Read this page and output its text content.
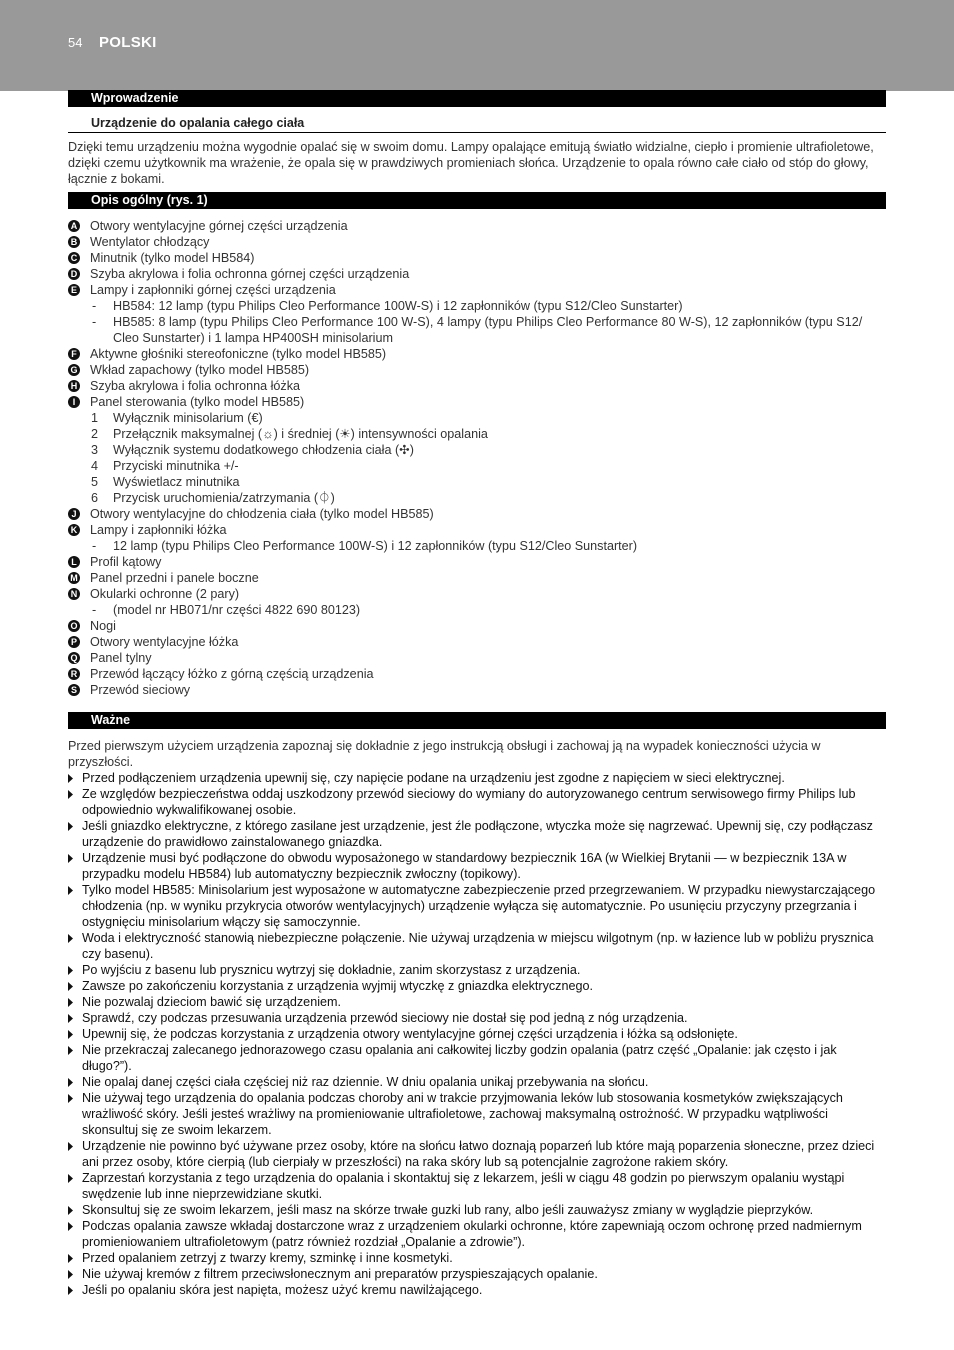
54 POLSKI
Wprowadzenie
Urządzenie do opalania całego ciała

Dzięki temu urządzeniu można wygodnie opalać się w swoim domu. Lampy opalające emitują światło widzialne, ciepło i promienie ultrafioletowe, dzięki czemu użytkownik ma wrażenie, że opala się w prawdziwych promieniach słońca. Urządzenie to opala równo całe ciało od stóp do głowy, łącznie z bokami.

Opis ogólny (rys. 1)
A Otwory wentylacyjne górnej części urządzenia
B Wentylator chłodzący
C Minutnik (tylko model HB584)
D Szyba akrylowa i folia ochronna górnej części urządzenia
E Lampy i zapłonniki górnej części urządzenia
- HB584: 12 lamp (typu Philips Cleo Performance 100W-S) i 12 zapłonników (typu S12/Cleo Sunstarter)
- HB585: 8 lamp (typu Philips Cleo Performance 100 W-S), 4 lampy (typu Philips Cleo Performance 80 W-S), 12 zapłonników (typu S12/ Cleo Sunstarter) i 1 lampa HP400SH minisolarium
F Aktywne głośniki stereofoniczne (tylko model HB585)
G Wkład zapachowy (tylko model HB585)
H Szyba akrylowa i folia ochronna łóżka
I	Panel sterowania (tylko model HB585)
1 Wyłącznik minisolarium (€)
2 Przełącznik maksymalnej (☼) i średniej (☀) intensywności opalania
3 Wyłącznik systemu dodatkowego chłodzenia ciała (✣)
4 Przyciski minutnika +/-
5 Wyświetlacz minutnika
6 Przycisk uruchomienia/zatrzymania (⏀)
J Otwory wentylacyjne do chłodzenia ciała (tylko model HB585)
K Lampy i zapłonniki łóżka
- 12 lamp (typu Philips Cleo Performance 100W-S) i 12 zapłonników (typu S12/Cleo Sunstarter)
L Profil kątowy
M Panel przedni i panele boczne
N Okularki ochronne (2 pary)
- (model nr HB071/nr części 4822 690 80123)
O Nogi
P Otwory wentylacyjne łóżka
Q Panel tylny
R Przewód łączący łóżko z górną częścią urządzenia
S Przewód sieciowy
Ważne

Przed pierwszym użyciem urządzenia zapoznaj się dokładnie z jego instrukcją obsługi i zachowaj ją na wypadek konieczności użycia w przyszłości.

Przed podłączeniem urządzenia upewnij się, czy napięcie podane na urządzeniu jest zgodne z napięciem w sieci elektrycznej.
Ze względów bezpieczeństwa oddaj uszkodzony przewód sieciowy do wymiany do autoryzowanego centrum serwisowego firmy Philips lub odpowiednio wykwalifikowanej osobie.
Jeśli gniazdko elektryczne, z którego zasilane jest urządzenie, jest źle podłączone, wtyczka może się nagrzewać. Upewnij się, czy podłączasz urządzenie do prawidłowo zainstalowanego gniazdka.
Urządzenie musi być podłączone do obwodu wyposażonego w standardowy bezpiecznik 16A (w Wielkiej Brytanii — w bezpiecznik 13A w przypadku modelu HB584) lub automatyczny bezpiecznik zwłoczny (topikowy).
Tylko model HB585: Minisolarium jest wyposażone w automatyczne zabezpieczenie przed przegrzewaniem. W przypadku niewystarczającego chłodzenia (np. w wyniku przykrycia otworów wentylacyjnych) urządzenie wyłącza się automatycznie. Po usunięciu przyczyny przegrzania i ostygnięciu minisolarium włączy się samoczynnie.
Woda i elektryczność stanowią niebezpieczne połączenie. Nie używaj urządzenia w miejscu wilgotnym (np. w łazience lub w pobliżu prysznica czy basenu).
Po wyjściu z basenu lub prysznicu wytrzyj się dokładnie, zanim skorzystasz z urządzenia.
Zawsze po zakończeniu korzystania z urządzenia wyjmij wtyczkę z gniazdka elektrycznego.
Nie pozwalaj dzieciom bawić się urządzeniem.
Sprawdź, czy podczas przesuwania urządzenia przewód sieciowy nie dostał się pod jedną z nóg urządzenia.
Upewnij się, że podczas korzystania z urządzenia otwory wentylacyjne górnej części urządzenia i łóżka są odsłonięte.
Nie przekraczaj zalecanego jednorazowego czasu opalania ani całkowitej liczby godzin opalania (patrz część „Opalanie: jak często i jak długo?”).
Nie opalaj danej części ciała częściej niż raz dziennie. W dniu opalania unikaj przebywania na słońcu.
Nie używaj tego urządzenia do opalania podczas choroby ani w trakcie przyjmowania leków lub stosowania kosmetyków zwiększających wrażliwość skóry. Jeśli jesteś wrażliwy na promieniowanie ultrafioletowe, zachowaj maksymalną ostrożność. W przypadku wątpliwości skonsultuj się ze swoim lekarzem.
Urządzenie nie powinno być używane przez osoby, które na słońcu łatwo doznają poparzeń lub które mają poparzenia słoneczne, przez dzieci ani przez osoby, które cierpią (lub cierpiały w przeszłości) na raka skóry lub są potencjalnie zagrożone rakiem skóry.
Zaprzestań korzystania z tego urządzenia do opalania i skontaktuj się z lekarzem, jeśli w ciągu 48 godzin po pierwszym opalaniu wystąpi swędzenie lub inne nieprzewidziane skutki.
Skonsultuj się ze swoim lekarzem, jeśli masz na skórze trwałe guzki lub rany, albo jeśli zauważysz zmiany w wyglądzie pieprzyków.
Podczas opalania zawsze wkładaj dostarczone wraz z urządzeniem okularki ochronne, które zapewniają oczom ochronę przed nadmiernym promieniowaniem ultrafioletowym (patrz również rozdział „Opalanie a zdrowie”).
Przed opalaniem zetrzyj z twarzy kremy, szminkę i inne kosmetyki.
Nie używaj kremów z filtrem przeciwsłonecznym ani preparatów przyspieszających opalanie.
Jeśli po opalaniu skóra jest napięta, możesz użyć kremu nawilżającego.
